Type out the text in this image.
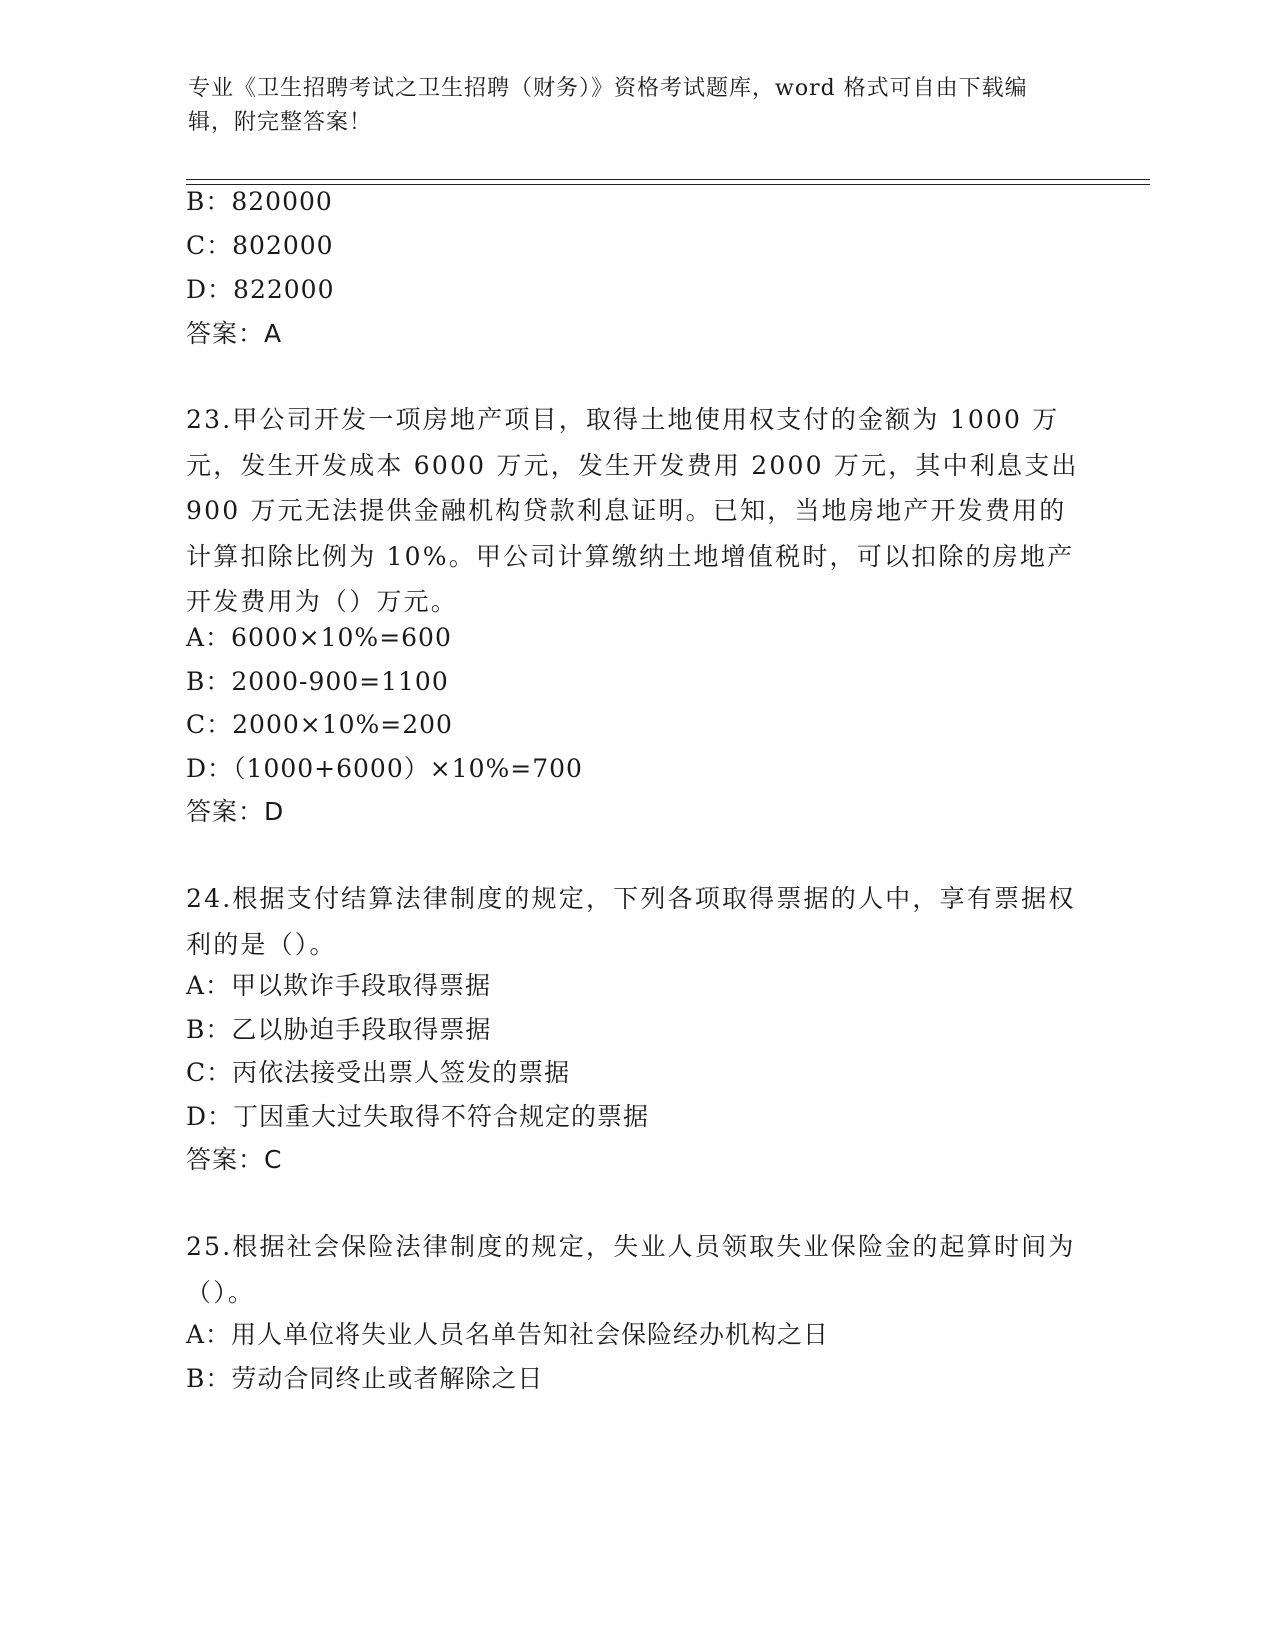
专业《卫生招聘考试之卫生招聘（财务）》资格考试题库，word 格式可自由下载编辑，附完整答案！
B：820000
C：802000
D：822000
答案：A
23.甲公司开发一项房地产项目，取得土地使用权支付的金额为 1000 万元，发生开发成本 6000 万元，发生开发费用 2000 万元，其中利息支出 900 万元无法提供金融机构贷款利息证明。已知，当地房地产开发费用的计算扣除比例为 10%。甲公司计算缴纳土地增值税时，可以扣除的房地产开发费用为（）万元。
A：6000×10%=600
B：2000-900=1100
C：2000×10%=200
D：（1000+6000）×10%=700
答案：D
24.根据支付结算法律制度的规定，下列各项取得票据的人中，享有票据权利的是（）。
A：甲以欺诈手段取得票据
B：乙以胁迫手段取得票据
C：丙依法接受出票人签发的票据
D：丁因重大过失取得不符合规定的票据
答案：C
25.根据社会保险法律制度的规定，失业人员领取失业保险金的起算时间为（）。
A：用人单位将失业人员名单告知社会保险经办机构之日
B：劳动合同终止或者解除之日
